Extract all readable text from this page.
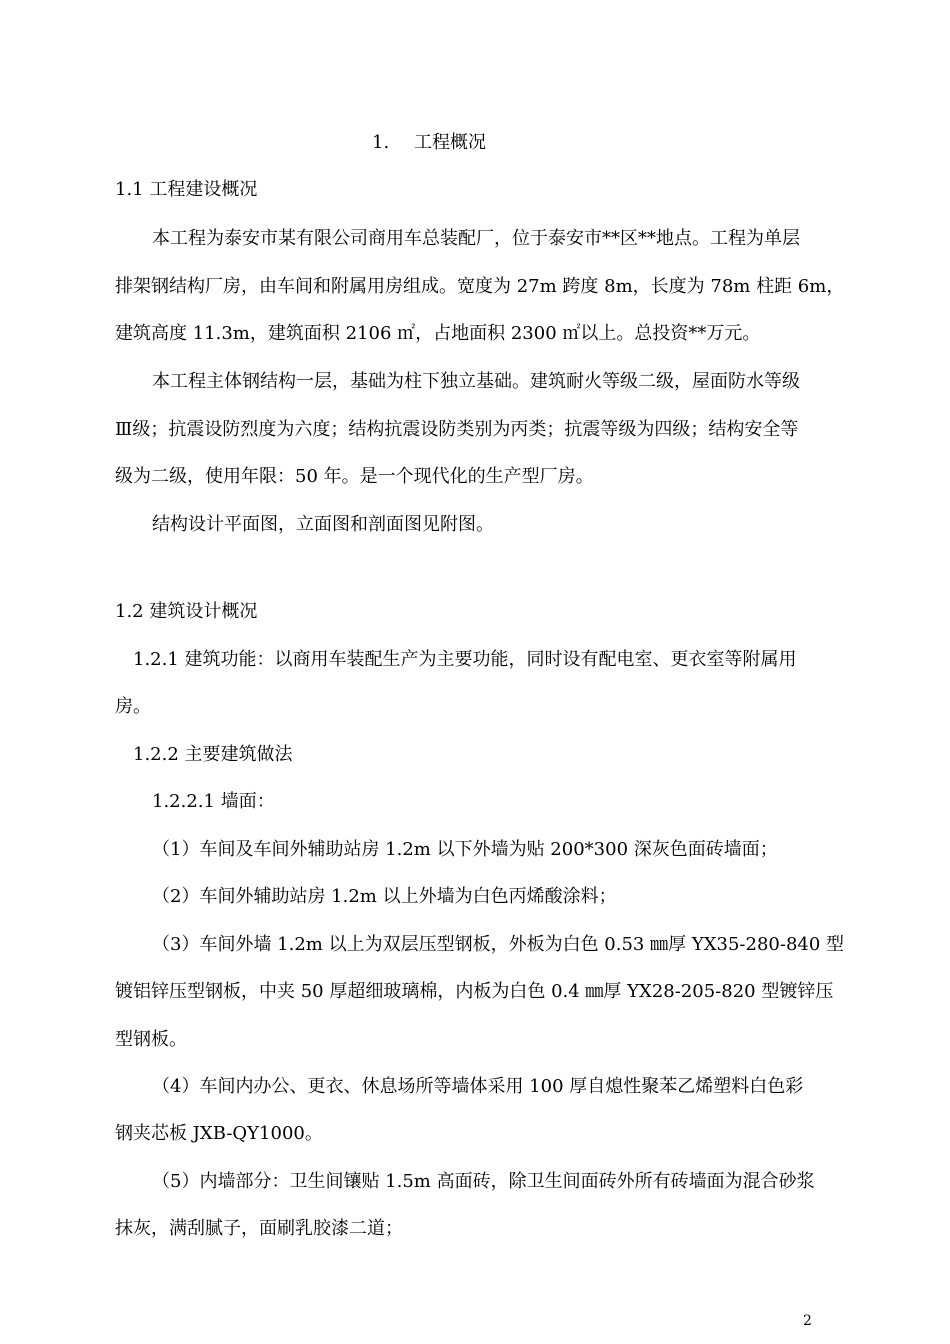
1. 工程概况
1.1 工程建设概况
本工程为泰安市某有限公司商用车总装配厂，位于泰安市**区**地点。工程为单层
排架钢结构厂房，由车间和附属用房组成。宽度为 27m 跨度 8m，长度为 78m 柱距 6m，
建筑高度 11.3m，建筑面积 2106 ㎡，占地面积 2300 ㎡以上。总投资**万元。
本工程主体钢结构一层，基础为柱下独立基础。建筑耐火等级二级，屋面防水等级
Ⅲ级；抗震设防烈度为六度；结构抗震设防类别为丙类；抗震等级为四级；结构安全等
级为二级，使用年限：50 年。是一个现代化的生产型厂房。
结构设计平面图，立面图和剖面图见附图。
1.2 建筑设计概况
1.2.1 建筑功能：以商用车装配生产为主要功能，同时设有配电室、更衣室等附属用
房。
1.2.2 主要建筑做法
1.2.2.1 墙面：
（1）车间及车间外辅助站房 1.2m 以下外墙为贴 200*300 深灰色面砖墙面；
（2）车间外辅助站房 1.2m 以上外墙为白色丙烯酸涂料；
（3）车间外墙 1.2m 以上为双层压型钢板，外板为白色 0.53 ㎜厚 YX35-280-840 型
镀铝锌压型钢板，中夹 50 厚超细玻璃棉，内板为白色 0.4 ㎜厚 YX28-205-820 型镀锌压
型钢板。
（4）车间内办公、更衣、休息场所等墙体采用 100 厚自熄性聚苯乙烯塑料白色彩
钢夹芯板 JXB-QY1000。
（5）内墙部分：卫生间镶贴 1.5m 高面砖，除卫生间面砖外所有砖墙面为混合砂浆
抹灰，满刮腻子，面刷乳胶漆二道；
2
